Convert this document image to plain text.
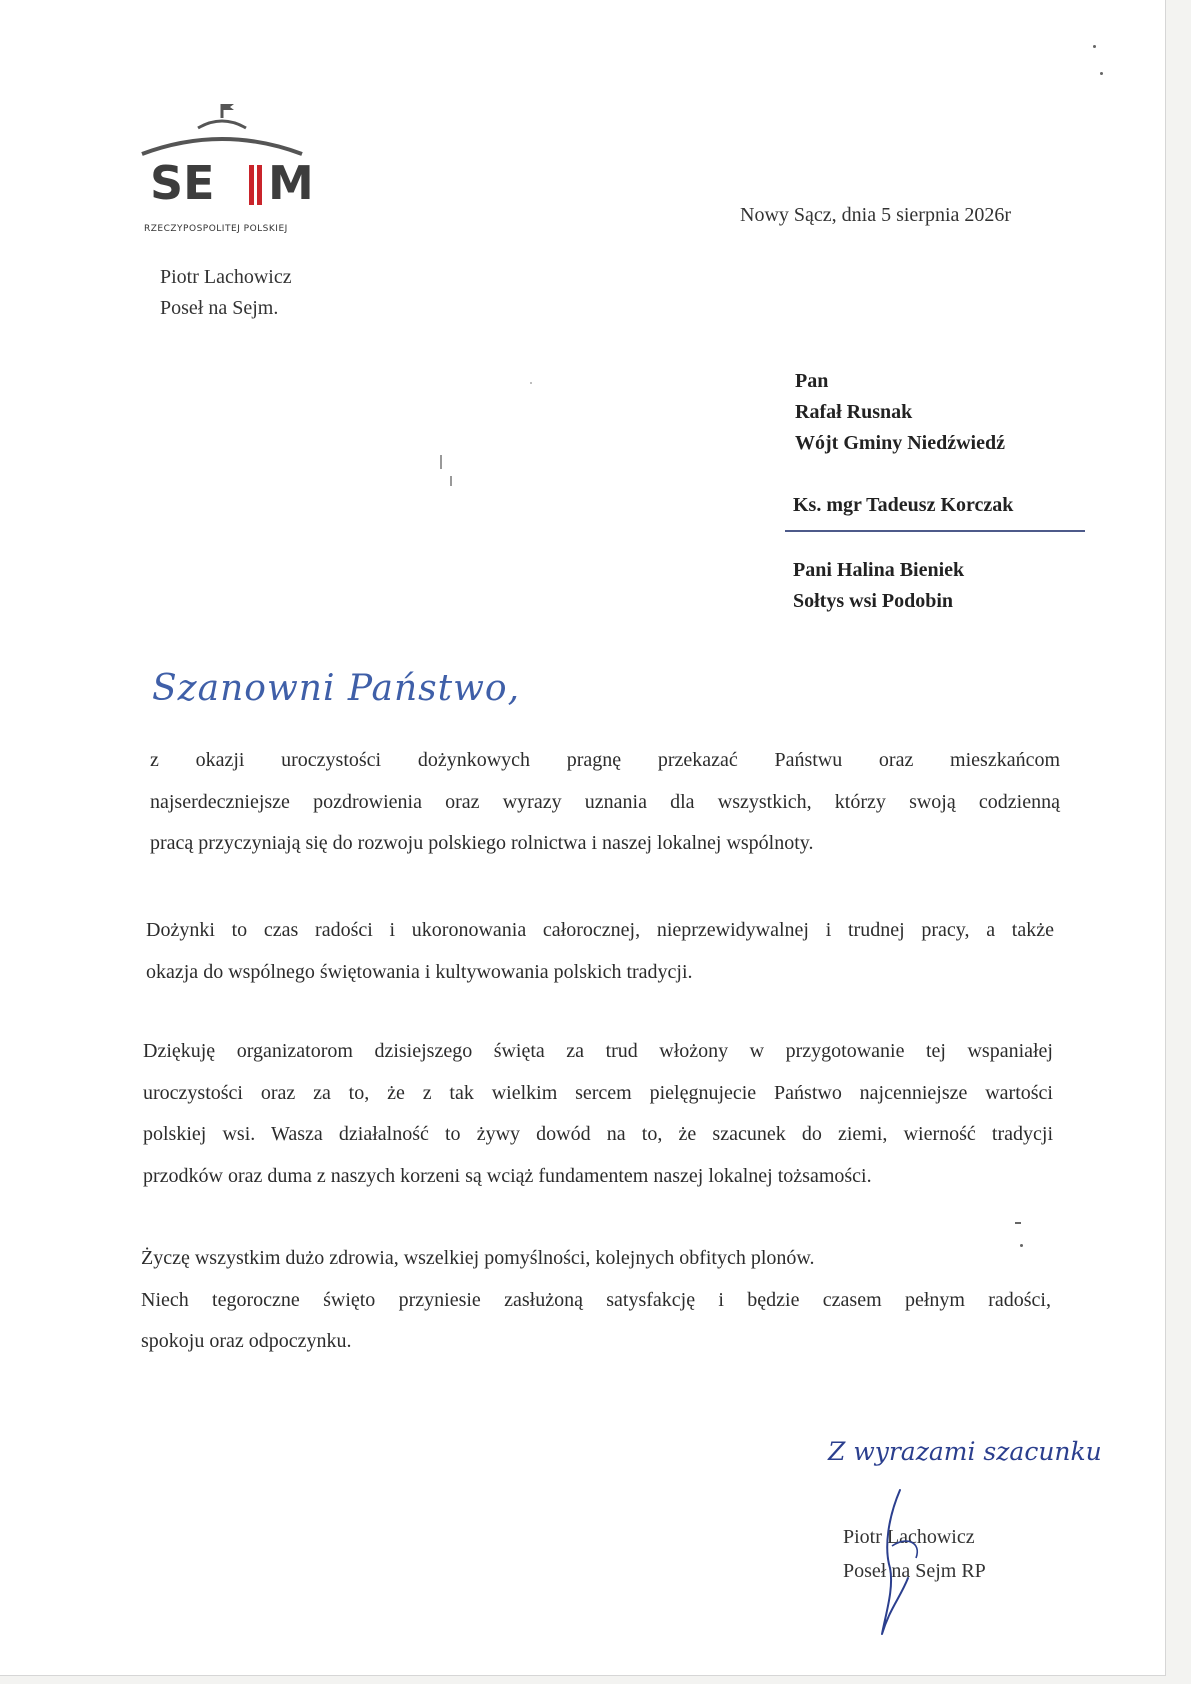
SE M
RZECZYPOSPOLITEJ POLSKIEJ
Piotr Lachowicz
Poseł na Sejm.
Nowy Sącz, dnia 5 sierpnia 2026r
Pan
Rafał Rusnak
Wójt Gminy Niedźwiedź
Ks. mgr Tadeusz Korczak
Pani Halina Bieniek
Sołtys wsi Podobin
Szanowni Państwo,
z okazji uroczystości dożynkowych pragnę przekazać Państwu oraz mieszkańcom
najserdeczniejsze pozdrowienia oraz wyrazy uznania dla wszystkich, którzy swoją codzienną
pracą przyczyniają się do rozwoju polskiego rolnictwa i naszej lokalnej wspólnoty.
Dożynki to czas radości i ukoronowania całorocznej, nieprzewidywalnej i trudnej pracy, a także
okazja do wspólnego świętowania i kultywowania polskich tradycji.
Dziękuję organizatorom dzisiejszego święta za trud włożony w przygotowanie tej wspaniałej
uroczystości oraz za to, że z tak wielkim sercem pielęgnujecie Państwo najcenniejsze wartości
polskiej wsi. Wasza działalność to żywy dowód na to, że szacunek do ziemi, wierność tradycji
przodków oraz duma z naszych korzeni są wciąż fundamentem naszej lokalnej tożsamości.
Życzę wszystkim dużo zdrowia, wszelkiej pomyślności, kolejnych obfitych plonów.
Niech tegoroczne święto przyniesie zasłużoną satysfakcję i będzie czasem pełnym radości,
spokoju oraz odpoczynku.
Z wyrazami szacunku
Piotr Lachowicz
Poseł na Sejm RP
